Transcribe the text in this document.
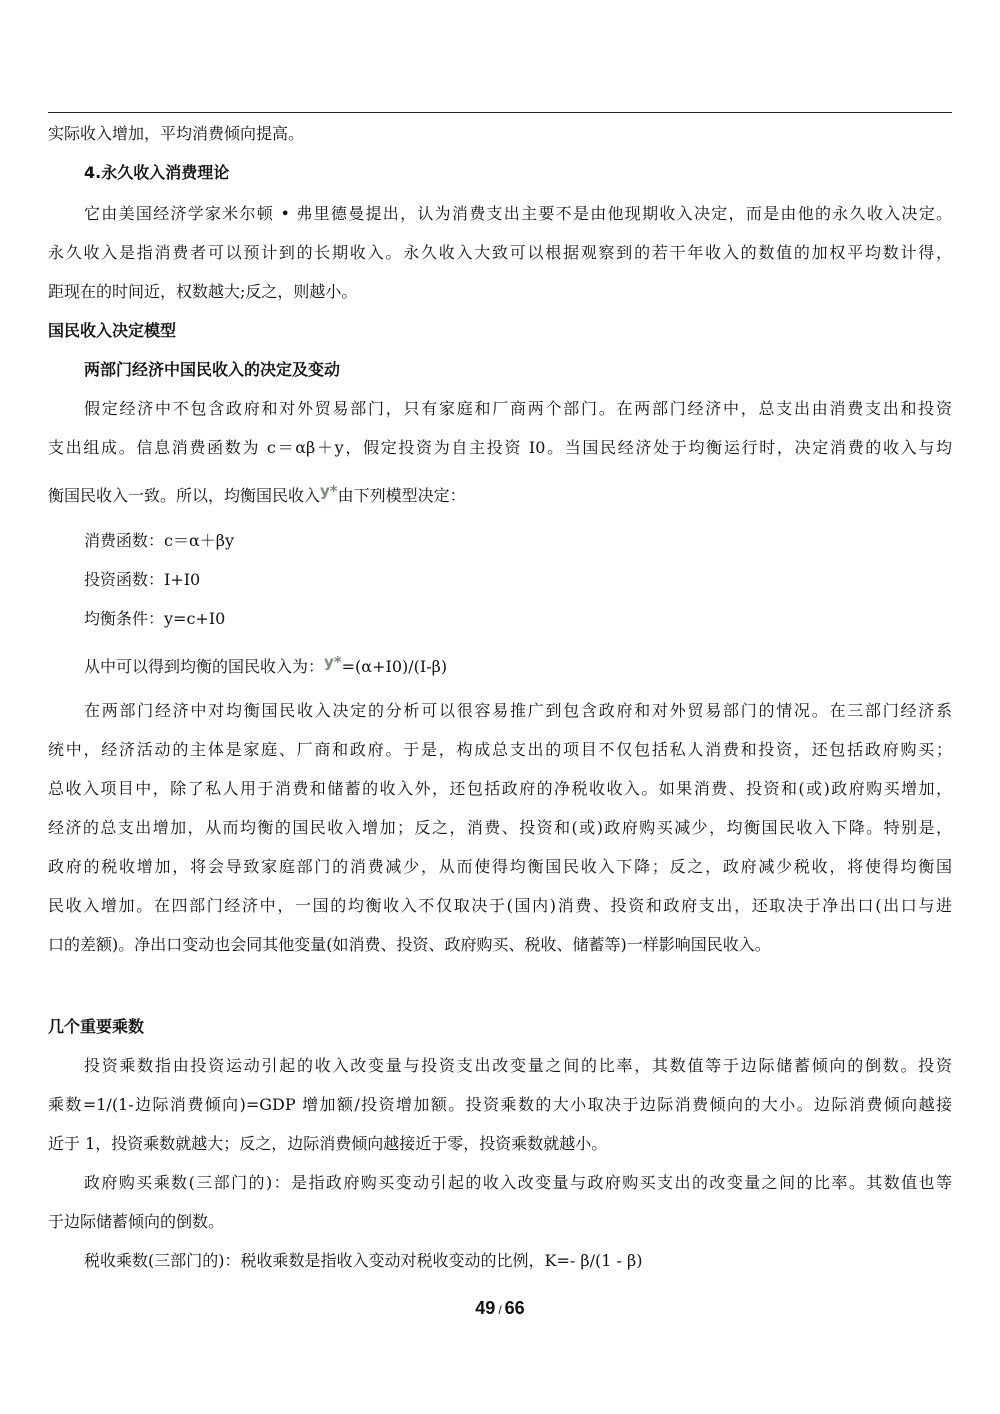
实际收入增加，平均消费倾向提高。
4.永久收入消费理论
它由美国经济学家米尔顿 • 弗里德曼提出，认为消费支出主要不是由他现期收入决定，而是由他的永久收入决定。
永久收入是指消费者可以预计到的长期收入。永久收入大致可以根据观察到的若干年收入的数值的加权平均数计得，
距现在的时间近，权数越大;反之，则越小。
国民收入决定模型
两部门经济中国民收入的决定及变动
假定经济中不包含政府和对外贸易部门，只有家庭和厂商两个部门。在两部门经济中，总支出由消费支出和投资
支出组成。信息消费函数为 c＝αβ＋y，假定投资为自主投资 I0。当国民经济处于均衡运行时，决定消费的收入与均
衡国民收入一致。所以，均衡国民收入y*由下列模型决定：
消费函数：c＝α＋βy
投资函数：I+I0
均衡条件：y=c+I0
从中可以得到均衡的国民收入为：y*=(α+I0)/(I-β)
在两部门经济中对均衡国民收入决定的分析可以很容易推广到包含政府和对外贸易部门的情况。在三部门经济系
统中，经济活动的主体是家庭、厂商和政府。于是，构成总支出的项目不仅包括私人消费和投资，还包括政府购买；
总收入项目中，除了私人用于消费和储蓄的收入外，还包括政府的净税收收入。如果消费、投资和(或)政府购买增加，
经济的总支出增加，从而均衡的国民收入增加；反之，消费、投资和(或)政府购买减少，均衡国民收入下降。特别是，
政府的税收增加，将会导致家庭部门的消费减少，从而使得均衡国民收入下降；反之，政府减少税收，将使得均衡国
民收入增加。在四部门经济中，一国的均衡收入不仅取决于(国内)消费、投资和政府支出，还取决于净出口(出口与进
口的差额)。净出口变动也会同其他变量(如消费、投资、政府购买、税收、储蓄等)一样影响国民收入。
几个重要乘数
投资乘数指由投资运动引起的收入改变量与投资支出改变量之间的比率，其数值等于边际储蓄倾向的倒数。投资
乘数=1/(1-边际消费倾向)=GDP 增加额/投资增加额。投资乘数的大小取决于边际消费倾向的大小。边际消费倾向越接
近于 1，投资乘数就越大；反之，边际消费倾向越接近于零，投资乘数就越小。
政府购买乘数(三部门的)：是指政府购买变动引起的收入改变量与政府购买支出的改变量之间的比率。其数值也等
于边际储蓄倾向的倒数。
税收乘数(三部门的)：税收乘数是指收入变动对税收变动的比例，K=- β/(1 - β)
49 / 66
